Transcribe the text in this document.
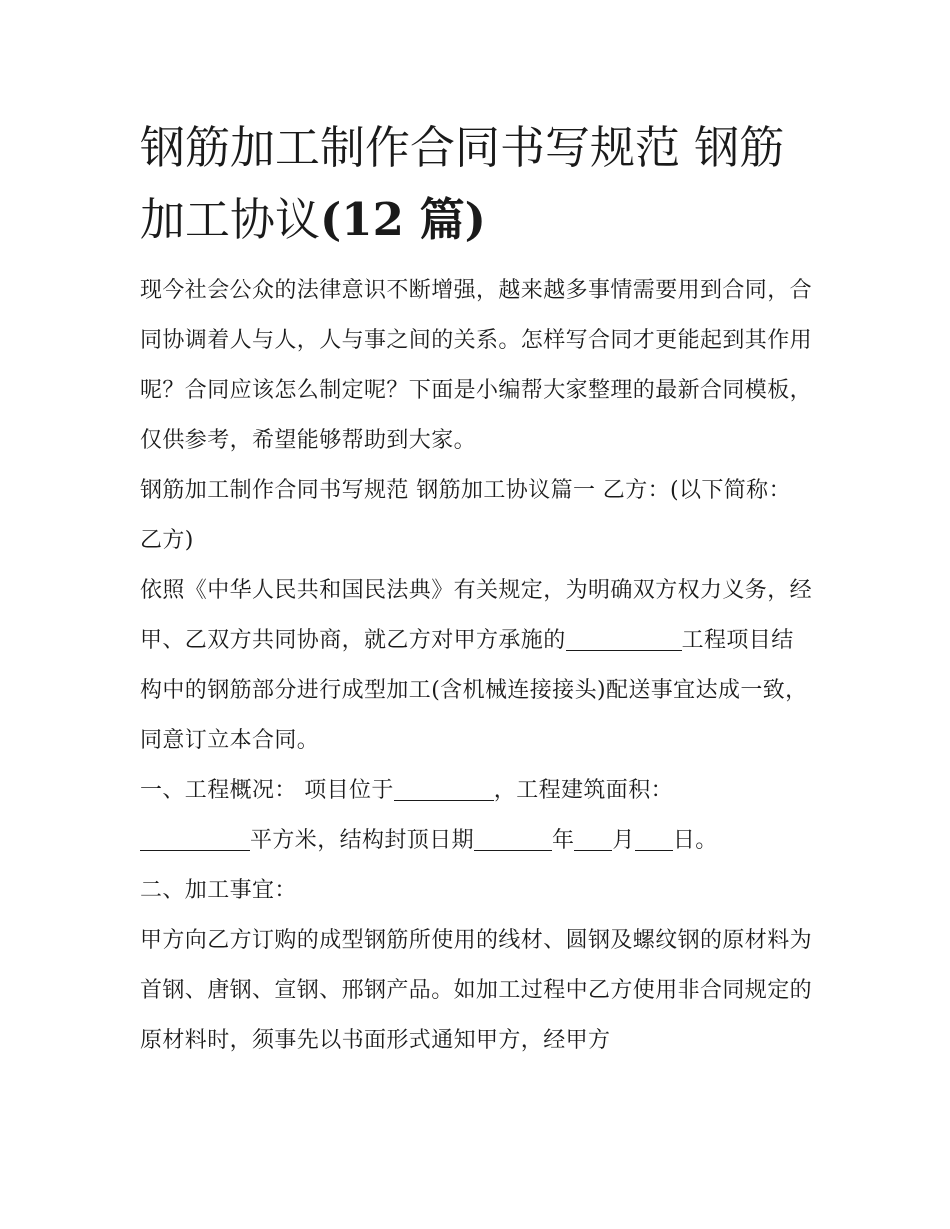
钢筋加工制作合同书写规范 钢筋加工协议(12 篇)

现今社会公众的法律意识不断增强，越来越多事情需要用到合同，合同协调着人与人，人与事之间的关系。怎样写合同才更能起到其作用呢？合同应该怎么制定呢？下面是小编帮大家整理的最新合同模板，仅供参考，希望能够帮助到大家。

钢筋加工制作合同书写规范 钢筋加工协议篇一 乙方：(以下简称：乙方)

依照《中华人民共和国民法典》有关规定，为明确双方权力义务，经甲、乙双方共同协商，就乙方对甲方承施的	工程项目结构中的钢筋部分进行成型加工(含机械连接接头)配送事宜达成一致，同意订立本合同。

一、工程概况： 项目位于	，工程建筑面积：
平方米，结构封顶日期	年 月 日。

二、加工事宜：

甲方向乙方订购的成型钢筋所使用的线材、圆钢及螺纹钢的原材料为首钢、唐钢、宣钢、邢钢产品。如加工过程中乙方使用非合同规定的原材料时，须事先以书面形式通知甲方，经甲方
